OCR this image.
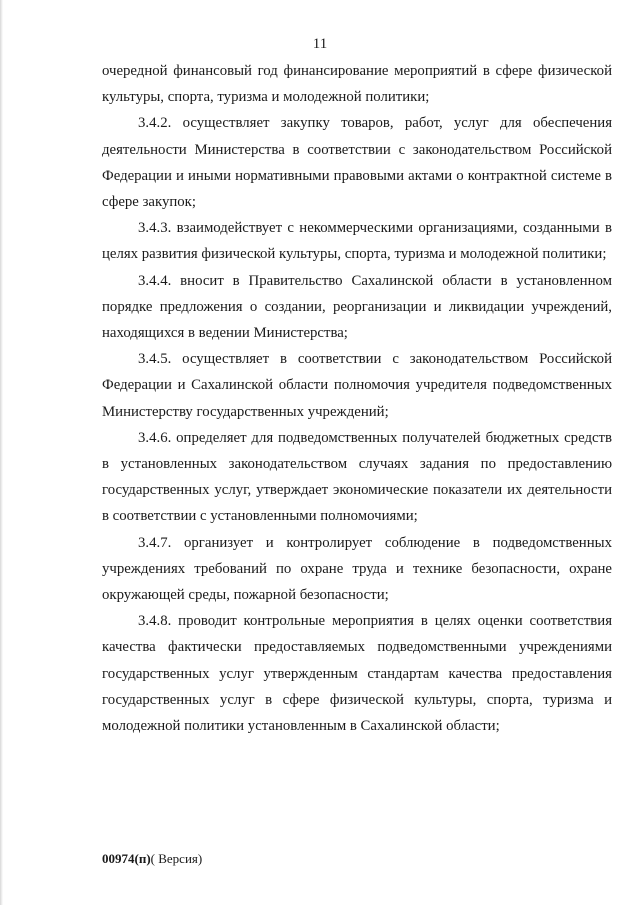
11

очередной финансовый год финансирование мероприятий в сфере физической культуры, спорта, туризма и молодежной политики;

3.4.2. осуществляет закупку товаров, работ, услуг для обеспечения деятельности Министерства в соответствии с законодательством Российской Федерации и иными нормативными правовыми актами о контрактной системе в сфере закупок;

3.4.3. взаимодействует с некоммерческими организациями, созданными в целях развития физической культуры, спорта, туризма и молодежной политики;

3.4.4. вносит в Правительство Сахалинской области в установленном порядке предложения о создании, реорганизации и ликвидации учреждений, находящихся в ведении Министерства;

3.4.5. осуществляет в соответствии с законодательством Российской Федерации и Сахалинской области полномочия учредителя подведомственных Министерству государственных учреждений;

3.4.6. определяет для подведомственных получателей бюджетных средств в установленных законодательством случаях задания по предоставлению государственных услуг, утверждает экономические показатели их деятельности в соответствии с установленными полномочиями;

3.4.7. организует и контролирует соблюдение в подведомственных учреждениях требований по охране труда и технике безопасности, охране окружающей среды, пожарной безопасности;

3.4.8. проводит контрольные мероприятия в целях оценки соответствия качества фактически предоставляемых подведомственными учреждениями государственных услуг утвержденным стандартам качества предоставления государственных услуг в сфере физической культуры, спорта, туризма и молодежной политики установленным в Сахалинской области;

00974(п)( Версия)
